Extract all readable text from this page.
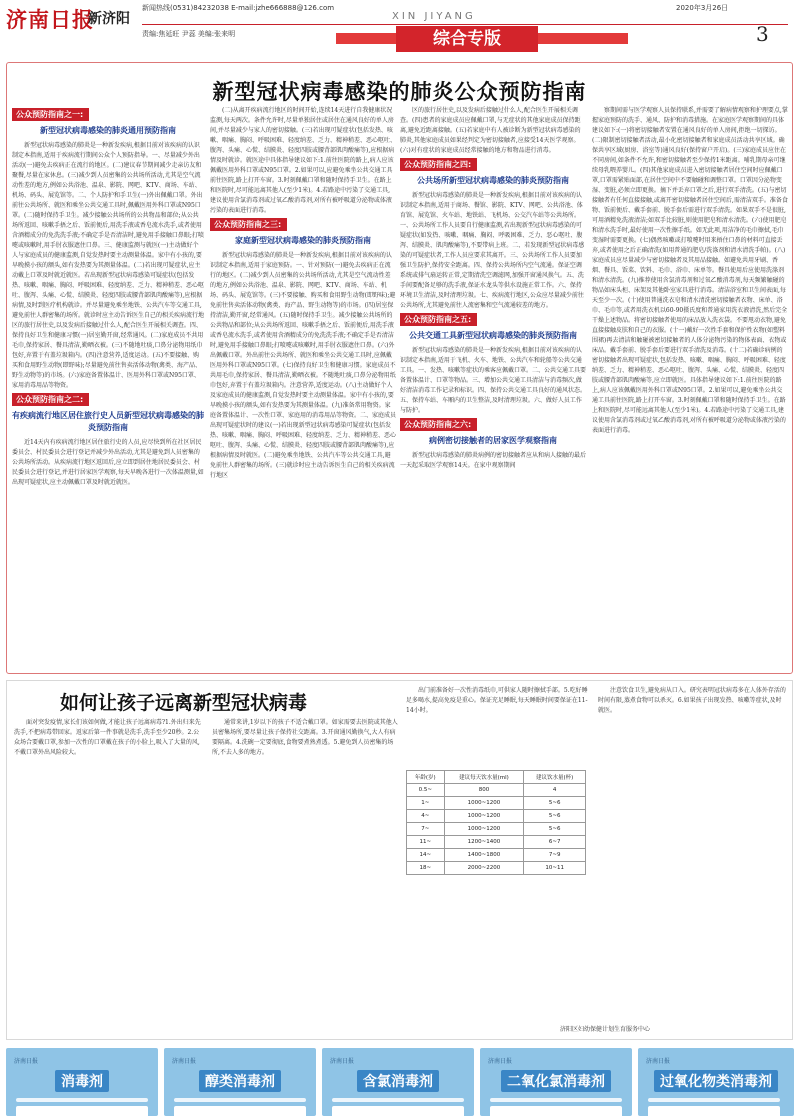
济南日报
新济阳
新闻热线(0531)84232038 E-mail:jzhe666888@126.com
责编:焦延旺 尹蕊 美编:张来明
XIN JIYANG
2020年3月26日
综合专版	3
新型冠状病毒感染的肺炎公众预防指南
公众预防指南之一:
新型冠状病毒感染的肺炎通用预防指南

新型冠状病毒感染的肺炎是一种新发疾病,根据目前对该疾病的认识制定本指南,适用于疾病流行期间公众个人预防指导。一、尽量减少外出活动(一)避免去疾病正在流行的地区。(二)建议春节期间减少走亲访友和聚餐,尽量在家休息。(三)减少到人员密集的公共场所活动,尤其是空气流动性差的地方,例如公共浴池、温泉、影院、网吧、KTV、商场、车站、机场、码头、展览馆等。二、个人防护和手卫生(一)外出佩戴口罩。外出前往公共场所、就医和乘坐公共交通工具时,佩戴医用外科口罩或N95口罩。(二)随时保持手卫生。减少接触公共场所的公共物品和部位;从公共场所返回、咳嗽手捂之后、饭前便后,用洗手液或香皂流水洗手,或者使用含酒精成分的免洗洗手液;不确定手是否清洁时,避免用手接触口鼻眼;打喷嚏或咳嗽时,用手肘衣服遮住口鼻。三、健康监测与就医(一)主动做好个人与家庭成员的健康监测,自觉发热时要主动测量体温。家中有小孩的,要早晚摸小孩的额头,如有发热要为其测量体温。(二)若出现可疑症状,应主动戴上口罩及时就近就医。若出现新型冠状病毒感染可疑症状(包括发热、咳嗽、咽痛、胸闷、呼吸困难、轻度纳差、乏力、精神稍差、恶心呕吐、腹泻、头痛、心慌、结膜炎、轻度四肢或腰背部肌肉酸痛等),应根据病情,及时到医疗机构就诊。并尽量避免乘坐地铁、公共汽车等交通工具,避免前往人群密集的场所。就诊时应主动告诉医生自己的相关疾病流行地区的旅行居住史,以及发病后接触过什么人,配合医生开展相关调查。四、保持良好卫生和健康习惯(一)居室勤开窗,经常通风。(二)家庭成员不共用毛巾,保持家居、餐具清洁,勤晒衣被。(三)不随地吐痰,口鼻分泌物用纸巾包好,弃置于有盖垃圾箱内。(四)注意营养,适度运动。(五)不要接触、购买和食用野生动物(即野味);尽量避免前往售卖活体动物(禽类、海产品、野生动物等)的市场。(六)家庭备置体温计、医用外科口罩或N95口罩、家用消毒用品等物资。

公众预防指南之二:
有疾病流行地区居住旅行史人员新型冠状病毒感染的肺炎预防指南

近14天内有疾病流行地区居住旅行史的人员,应尽快到所在社区居民委员会、村民委员会进行登记并减少外出活动,尤其是避免到人员密集的公共场所活动。从疾病流行地区返回后,应立即到居住地居民委员会、村民委员会进行登记,并进行居家医学观察,每天早晚各进行一次体温测量,如出现可疑症状,应主动佩戴口罩及时就近就医。

(二)从离开疾病流行地区的时间开始,连续14天进行自我健康状况监测,每天两次。条件允许时,尽量单独居住或居住在通风良好的单人房间,并尽量减少与家人的密切接触。(三)若出现可疑症状(包括发热、咳嗽、咽痛、胸闷、呼吸困难、轻度纳差、乏力、精神稍差、恶心呕吐、腹泻、头痛、心慌、结膜炎、轻度四肢或腰背部肌肉酸痛等),应根据病情及时就诊。就医途中具体指导建议如下:1.前往医院的路上,病人应该佩戴医用外科口罩或N95口罩。2.如果可以,应避免乘坐公共交通工具前往医院,路上打开车窗。3.时刻佩戴口罩和随时保持手卫生。在路上和医院时,尽可能远离其他人(至少1米)。4.若路途中污染了交通工具,建议使用含氯消毒剂或过氧乙酸消毒剂,对所有被呼吸道分泌物或体液污染的表面进行消毒。

公众预防指南之三:
家庭新型冠状病毒感染的肺炎预防指南

新型冠状病毒感染的肺炎是一种新发疾病,根据目前对该疾病的认识制定本指南,适用于家庭预防。一、针对预防(一)避免去疾病正在流行的地区。(二)减少到人员密集的公共场所活动,尤其是空气流动性差的地方,例如公共浴池、温泉、影院、网吧、KTV、商场、车站、机场、码头、展览馆等。(三)不要接触、购买和食用野生动物(即野味);避免前往售卖活体动物(禽类、海产品、野生动物等)的市场。(四)居室保持清洁,勤开窗,经常通风。(五)随时保持手卫生。减少接触公共场所的公共物品和部位;从公共场所返回、咳嗽手捂之后、饭前便后,用洗手液或香皂流水洗手,或者使用含酒精成分的免洗洗手液;不确定手是否清洁时,避免用手接触口鼻眼;打喷嚏或咳嗽时,用手肘衣服遮住口鼻。(六)外出佩戴口罩。外出前往公共场所、就医和乘坐公共交通工具时,应佩戴医用外科口罩或N95口罩。(七)保持良好卫生和健康习惯。家庭成员不共用毛巾,保持家居、餐具清洁,勤晒衣被。不随地吐痰,口鼻分泌物用纸巾包好,弃置于有盖垃圾箱内。注意营养,适度运动。(八)主动做好个人及家庭成员的健康监测,自觉发热时要主动测量体温。家中有小孩的,要早晚摸小孩的额头,如有发热要为其测量体温。(九)准备常用物资。家庭备置体温计、一次性口罩、家庭用的消毒用品等物资。二、家庭成员出现可疑症状时的建议(一)若出现新型冠状病毒感染可疑症状(包括发热、咳嗽、咽痛、胸闷、呼吸困难、轻度纳差、乏力、精神稍差、恶心呕吐、腹泻、头痛、心慌、结膜炎、轻度四肢或腰背部肌肉酸痛等),应根据病情及时就医。(二)避免乘坐地铁、公共汽车等公共交通工具,避免前往人群密集的场所。(三)就诊时应主动告诉医生自己的相关疾病流行地区

区的旅行居住史,以及发病后接触过什么人,配合医生开展相关调查。(四)患者的家庭成员应佩戴口罩,与无症状的其他家庭成员保持距离,避免近距离接触。(五)若家庭中有人被诊断为新型冠状病毒感染的肺炎,其他家庭成员如果经判定为密切接触者,应接受14天医学观察。(六)对有症状的家庭成员经常接触的地方和物品进行消毒。

公众预防指南之四:
公共场所新型冠状病毒感染的肺炎预防指南

新型冠状病毒感染的肺炎是一种新发疾病,根据目前对该疾病的认识制定本指南,适用于商场、餐馆、影院、KTV、网吧、公共浴池、体育馆、展览馆、火车站、地铁站、飞机场、公交汽车站等公共场所。一、公共场所工作人员要自行健康监测,若出现新型冠状病毒感染的可疑症状(如发热、咳嗽、咽痛、胸闷、呼吸困难、乏力、恶心呕吐、腹泻、结膜炎、肌肉酸痛等),不要带病上班。二、若发现新型冠状病毒感染的可疑症状者,工作人员应要求其离开。三、公共场所工作人员要加强卫生防护,保持安全距离。四、保持公共场所内空气流通。保证空调系统或排气扇运转正常,定期清洗空调滤网,加强开窗通风换气。五、洗手间要配备足够的洗手液,保证水龙头等供水设施正常工作。六、保持环境卫生清洁,及时清理垃圾。七、疾病流行地区,公众应尽量减少前往公共场所,尤其避免前往人流密集和空气流通较差的地方。

公众预防指南之五:
公共交通工具新型冠状病毒感染的肺炎预防指南

新型冠状病毒感染的肺炎是一种新发疾病,根据目前对该疾病的认识制定本指南,适用于飞机、火车、地铁、公共汽车和轮船等公共交通工具。一、发热、咳嗽等症状的乘客应佩戴口罩。二、公共交通工具要备置体温计、口罩等物品。三、增加公共交通工具清洁与消毒频次,做好清洁消毒工作记录和标识。四、保持公共交通工具良好的通风状态。五、保持车站、车厢内的卫生整洁,及时清理垃圾。六、做好人员工作与防护。

公众预防指南之六:
病例密切接触者的居家医学观察指南

新型冠状病毒感染的肺炎病例的密切接触者应从和病人接触的最后一天起采取医学观察14天。在家中观察期间

察期间需与医学观察人员保持联系,并需要了解病情观察和护理要点,掌握家庭预防的洗手、通风、防护和消毒措施。在家庭医学观察期间的具体建议如下:(一)将密切接触者安置在通风良好的单人房间,拒绝一切探访。(二)限制密切接触者活动,最小化密切接触者和家庭成员活动共享区域。确保共享区域(厨房、浴室等)通风良好(保持窗户开启)。(三)家庭成员应住在不同房间,如条件不允许,和密切接触者至少保持1米距离。哺乳期母亲可继续母乳喂养婴儿。(四)其他家庭成员进入密切接触者居住空间时应佩戴口罩,口罩需紧贴面部,在居住空间中不要触碰和调整口罩。口罩因分泌物变湿、变脏,必须立即更换。摘下并丢弃口罩之后,进行双手清洗。(五)与密切接触者有任何直接接触,或离开密切接触者居住空间后,需清洁双手。准备食物、饭前便后、戴手套前、脱手套后需进行双手清洗。如果双手不是很脏,可用酒精免洗液清洁;如双手比较脏,则使用肥皂和清水清洗。(六)使用肥皂和清水洗手时,最好使用一次性擦手纸。如无此项,用洁净的毛巾擦拭,毛巾变湿时需要更换。(七)偶然咳嗽或打喷嚏时用来捂住口鼻的材料可直接丢弃,或者使用之后正确清洗(如用普通的肥皂/洗涤剂和清水清洗手帕)。(八)家庭成员应尽量减少与密切接触者及其用品接触。如避免共用牙刷、香烟、餐具、饭菜、饮料、毛巾、浴巾、床单等。餐具使用后应使用洗涤剂和清水清洗。(九)推荐使用含氯消毒剂和过氧乙酸消毒剂,每天频繁触碰的物品如床头柜、床架及其他卧室家具进行消毒。清洁浴室和卫生间表面,每天至少一次。(十)使用普通洗衣皂和清水清洗密切接触者衣物、床单、浴巾、毛巾等,或者用洗衣机以60-90摄氏度和普通家用洗衣液清洗,然后完全干燥上述物品。将密切接触者使用的床品放入洗衣袋。不要甩动衣物,避免直接接触皮肤和自己的衣服。(十一)戴好一次性手套和保护性衣物(如塑料围裙)再去清洁和触碰被密切接触者的人体分泌物污染的物体表面、衣物或床品。戴手套前、脱手套后要进行双手清洗及消毒。(十二)若确诊病例的密切接触者出现可疑症状,包括发热、咳嗽、咽痛、胸闷、呼吸困难、轻度纳差、乏力、精神稍差、恶心呕吐、腹泻、头痛、心慌、结膜炎、轻度四肢或腰背部肌肉酸痛等,应立即就医。具体指导建议如下:1.前往医院的路上,病人应该佩戴医用外科口罩或N95口罩。2.如果可以,避免乘坐公共交通工具前往医院,路上打开车窗。3.时刻佩戴口罩和随时保持手卫生。在路上和医院时,尽可能远离其他人(至少1米)。4.若路途中污染了交通工具,建议使用含氯消毒剂或过氧乙酸消毒剂,对所有被呼吸道分泌物或体液污染的表面进行消毒。

如何让孩子远离新型冠状病毒

面对突发疫情,家长们该如何做,才能让孩子远离病毒?1.外出归来先洗手,不把病毒带回家。返家后第一件事就是洗手,洗手至少20秒。2.公众场合要戴口罩,参加一次性的口罩戴在孩子的小脸上,吸入了大量的风,不戴口罩外出风险较大。

通常来讲,1岁以下的孩子不适合戴口罩。如家需要去医院或其他人员密集场所,要尽量让孩子保持社交距离。3.开窗通风勤换气,大人有病要隔离。4.洗碗一定要彻底,食物要煮熟煮透。5.避免到人员密集的场所,不去人多的地方。

出门前准备好一次性消毒纸巾,可供家人随时擦拭手部。5.吃好睡足多喝水,提高免疫是重心。保证充足睡眠,每天睡眠时间要保证在11-14小时。

年龄(岁)	建议每天饮水量(ml)	建议饮水量(杯)
0.5~	800	4
1~	1000~1200	5~6
4~	1000~1200	5~6
7~	1000~1200	5~6
11~	1200~1400	6~7
14~	1400~1800	7~9
18~	2000~2200	10~11

注意饮食卫生,避免病从口入。研究表明冠状病毒多在人体外存活的时间有限,蒸煮食物可以杀灭。6.如果孩子出现发热、咳嗽等症状,及时就医。

济阳区妇幼保健计划生育服务中心
济南日报
消毒剂
济南日报
醇类消毒剂
济南日报
含氯消毒剂
济南日报
二氧化氯消毒剂
济南日报
过氧化物类消毒剂
